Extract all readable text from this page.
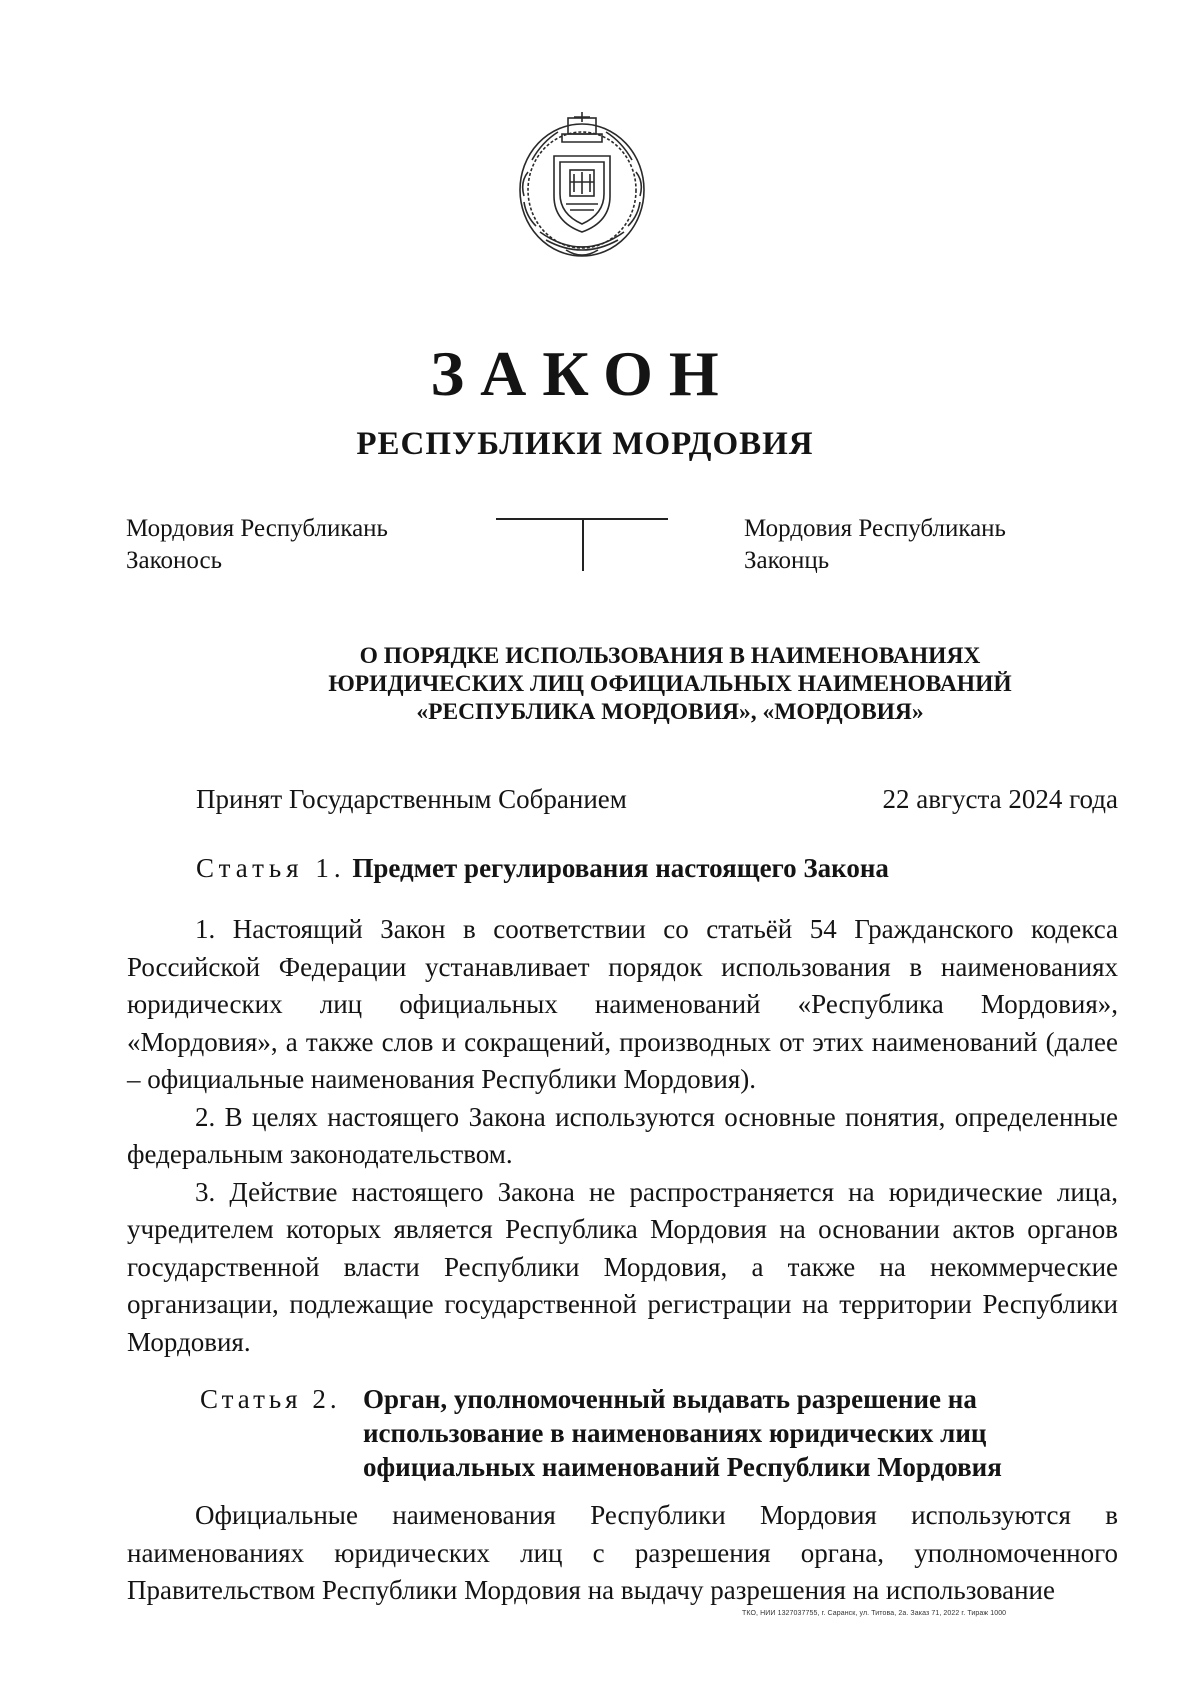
ЗАКОН
РЕСПУБЛИКИ МОРДОВИЯ
Мордовия Республикань
Законось
Мордовия Республикань
Законць
О ПОРЯДКЕ ИСПОЛЬЗОВАНИЯ В НАИМЕНОВАНИЯХ
ЮРИДИЧЕСКИХ ЛИЦ ОФИЦИАЛЬНЫХ НАИМЕНОВАНИЙ
«РЕСПУБЛИКА МОРДОВИЯ», «МОРДОВИЯ»
Принят Государственным Собранием	22 августа 2024 года
Статья 1. Предмет регулирования настоящего Закона

1. Настоящий Закон в соответствии со статьёй 54 Гражданского кодекса Российской Федерации устанавливает порядок использования в наименованиях юридических лиц официальных наименований «Республика Мордовия», «Мордовия», а также слов и сокращений, производных от этих наименований (далее – официальные наименования Республики Мордовия).

2. В целях настоящего Закона используются основные понятия, определенные федеральным законодательством.

3. Действие настоящего Закона не распространяется на юридические лица, учредителем которых является Республика Мордовия на основании актов органов государственной власти Республики Мордовия, а также на некоммерческие организации, подлежащие государственной регистрации на территории Республики Мордовия.

Статья 2. Орган, уполномоченный выдавать разрешение на
использование в наименованиях юридических лиц
официальных наименований Республики Мордовия

Официальные наименования Республики Мордовия используются в наименованиях юридических лиц с разрешения органа, уполномоченного Правительством Республики Мордовия на выдачу разрешения на использование

ТКО, НИИ 1327037755, г. Саранск, ул. Титова, 2а. Заказ 71, 2022 г. Тираж 1000
